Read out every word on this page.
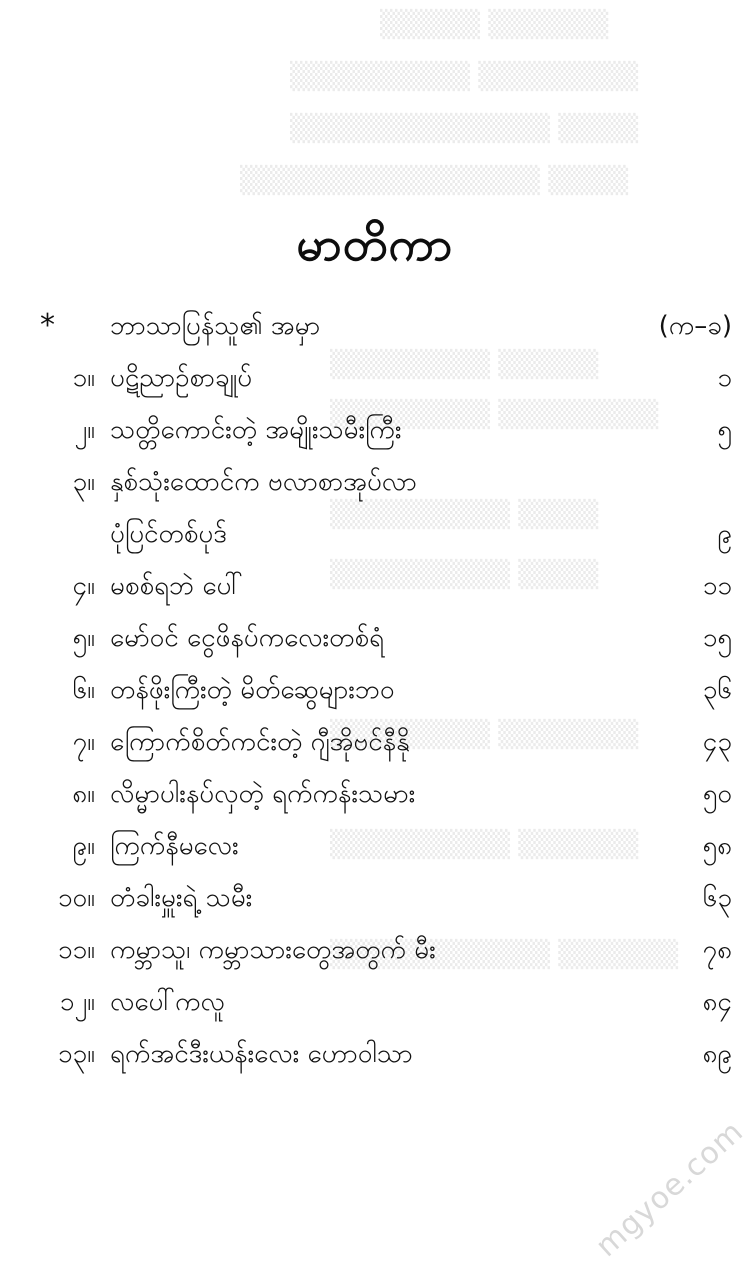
▒▒▒▒▒ ▒▒▒▒▒▒
▒▒▒▒▒▒▒▒▒ ▒▒▒▒▒▒▒▒
▒▒▒▒▒▒▒▒▒▒▒▒▒ ▒▒▒▒
▒▒▒▒▒▒▒▒▒▒▒▒▒▒▒ ▒▒▒▒
▒▒▒▒▒▒▒▒ ▒▒▒▒▒
▒▒▒▒▒▒▒▒ ▒▒▒▒▒▒▒▒
▒▒▒▒▒▒▒▒▒ ▒▒▒▒
▒▒▒▒▒▒▒▒▒ ▒▒▒▒
▒▒▒▒▒▒▒▒ ▒▒▒▒▒▒▒
▒▒▒▒▒▒▒▒▒ ▒▒▒▒▒▒
▒▒▒▒▒▒▒▒▒▒▒ ▒▒▒▒▒▒
မာတိကာ
* ဘာသာပြန်သူ၏ အမှာ	(က–ခ)
၁။ ပဋိညာဉ်စာချုပ်	၁
၂။ သတ္တိကောင်းတဲ့ အမျိုးသမီးကြီး	၅
၃။ နှစ်သုံးထောင်က ဗလာစာအုပ်လာ
ပုံပြင်တစ်ပုဒ်	၉
၄။ မစစ်ရဘဲ ပေါ်	၁၁
၅။ မော်ဝင် ငွေဖိနပ်ကလေးတစ်ရံ	၁၅
၆။ တန်ဖိုးကြီးတဲ့ မိတ်ဆွေများဘဝ	၃၆
၇။ ကြောက်စိတ်ကင်းတဲ့ ဂျီအိုဗင်နီနို	၄၃
၈။ လိမ္မာပါးနပ်လှတဲ့ ရက်ကန်းသမား	၅၀
၉။ ကြက်နီမလေး	၅၈
၁၀။ တံခါးမှူးရဲ့ သမီး	၆၃
၁၁။ ကမ္ဘာသူ၊ ကမ္ဘာသားတွေအတွက် မီး	၇၈
၁၂။ လပေါ်ကလူ	၈၄
၁၃။ ရက်အင်ဒီးယန်းလေး ဟောဝါသာ	၈၉
mgyoe.com
